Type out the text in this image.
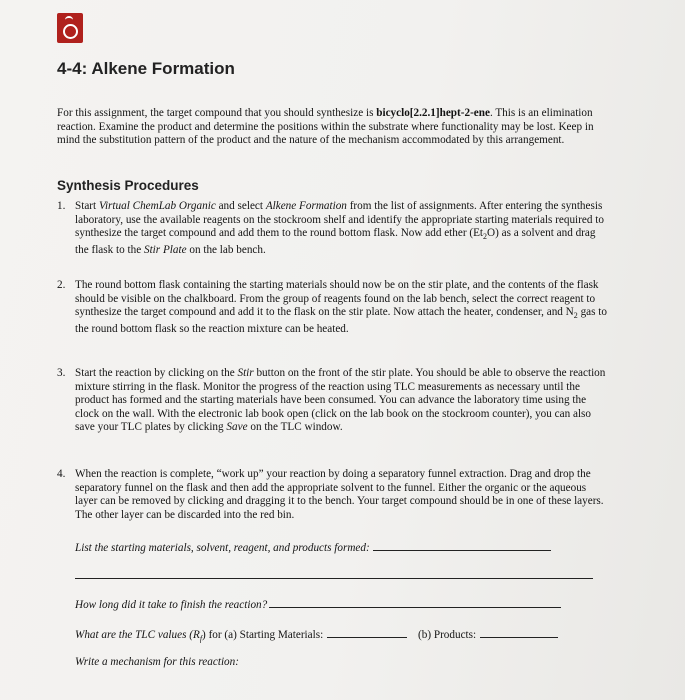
4-4: Alkene Formation

For this assignment, the target compound that you should synthesize is bicyclo[2.2.1]hept-2-ene. This is an elimination reaction. Examine the product and determine the positions within the substrate where functionality may be lost. Keep in mind the substitution pattern of the product and the nature of the mechanism accommodated by this arrangement.

Synthesis Procedures
1. Start Virtual ChemLab Organic and select Alkene Formation from the list of assignments. After entering the synthesis laboratory, use the available reagents on the stockroom shelf and identify the appropriate starting materials required to synthesize the target compound and add them to the round bottom flask. Now add ether $(Et_2O)$ as a solvent and drag the flask to the Stir Plate on the lab bench.
2. The round bottom flask containing the starting materials should now be on the stir plate, and the contents of the flask should be visible on the chalkboard. From the group of reagents found on the lab bench, select the correct reagent to synthesize the target compound and add it to the flask on the stir plate. Now attach the heater, condenser, and $N_2$ gas to the round bottom flask so the reaction mixture can be heated.
3. Start the reaction by clicking on the Stir button on the front of the stir plate. You should be able to observe the reaction mixture stirring in the flask. Monitor the progress of the reaction using TLC measurements as necessary until the product has formed and the starting materials have been consumed. You can advance the laboratory time using the clock on the wall. With the electronic lab book open (click on the lab book on the stockroom counter), you can also save your TLC plates by clicking Save on the TLC window.
4. When the reaction is complete, “work up” your reaction by doing a separatory funnel extraction. Drag and drop the separatory funnel on the flask and then add the appropriate solvent to the funnel. Either the organic or the aqueous layer can be removed by clicking and dragging it to the bench. Your target compound should be in one of these layers. The other layer can be discarded into the red bin.
List the starting materials, solvent, reagent, and products formed:
How long did it take to finish the reaction?
What are the TLC values $(R_f)$ for (a) Starting Materials:	(b) Products:
Write a mechanism for this reaction:
